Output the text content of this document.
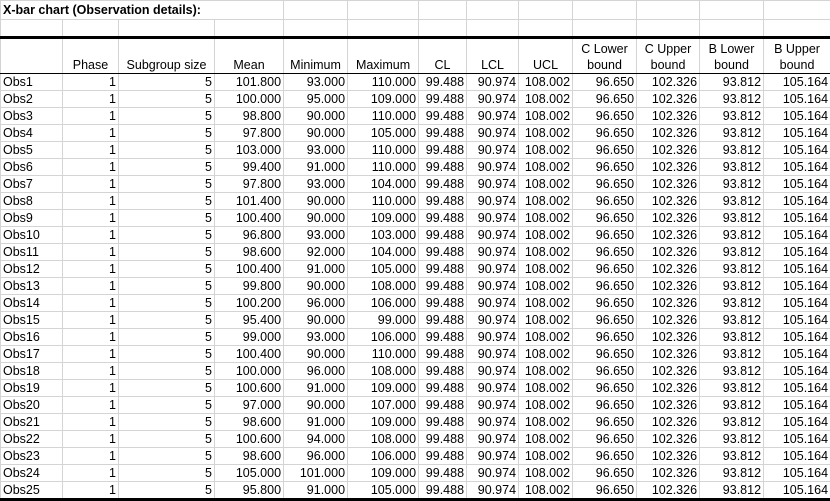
X-bar chart (Observation details):												

	Phase	Subgroup size	Mean	Minimum	Maximum	CL	LCL	UCL	C Lower bound	C Upper bound	B Lower bound	B Upper bound
Obs1	1	5	101.800	93.000	110.000	99.488	90.974	108.002	96.650	102.326	93.812	105.164
Obs2	1	5	100.000	95.000	109.000	99.488	90.974	108.002	96.650	102.326	93.812	105.164
Obs3	1	5	98.800	90.000	110.000	99.488	90.974	108.002	96.650	102.326	93.812	105.164
Obs4	1	5	97.800	90.000	105.000	99.488	90.974	108.002	96.650	102.326	93.812	105.164
Obs5	1	5	103.000	93.000	110.000	99.488	90.974	108.002	96.650	102.326	93.812	105.164
Obs6	1	5	99.400	91.000	110.000	99.488	90.974	108.002	96.650	102.326	93.812	105.164
Obs7	1	5	97.800	93.000	104.000	99.488	90.974	108.002	96.650	102.326	93.812	105.164
Obs8	1	5	101.400	90.000	110.000	99.488	90.974	108.002	96.650	102.326	93.812	105.164
Obs9	1	5	100.400	90.000	109.000	99.488	90.974	108.002	96.650	102.326	93.812	105.164
Obs10	1	5	96.800	93.000	103.000	99.488	90.974	108.002	96.650	102.326	93.812	105.164
Obs11	1	5	98.600	92.000	104.000	99.488	90.974	108.002	96.650	102.326	93.812	105.164
Obs12	1	5	100.400	91.000	105.000	99.488	90.974	108.002	96.650	102.326	93.812	105.164
Obs13	1	5	99.800	90.000	108.000	99.488	90.974	108.002	96.650	102.326	93.812	105.164
Obs14	1	5	100.200	96.000	106.000	99.488	90.974	108.002	96.650	102.326	93.812	105.164
Obs15	1	5	95.400	90.000	99.000	99.488	90.974	108.002	96.650	102.326	93.812	105.164
Obs16	1	5	99.000	93.000	106.000	99.488	90.974	108.002	96.650	102.326	93.812	105.164
Obs17	1	5	100.400	90.000	110.000	99.488	90.974	108.002	96.650	102.326	93.812	105.164
Obs18	1	5	100.000	96.000	108.000	99.488	90.974	108.002	96.650	102.326	93.812	105.164
Obs19	1	5	100.600	91.000	109.000	99.488	90.974	108.002	96.650	102.326	93.812	105.164
Obs20	1	5	97.000	90.000	107.000	99.488	90.974	108.002	96.650	102.326	93.812	105.164
Obs21	1	5	98.600	91.000	109.000	99.488	90.974	108.002	96.650	102.326	93.812	105.164
Obs22	1	5	100.600	94.000	108.000	99.488	90.974	108.002	96.650	102.326	93.812	105.164
Obs23	1	5	98.600	96.000	106.000	99.488	90.974	108.002	96.650	102.326	93.812	105.164
Obs24	1	5	105.000	101.000	109.000	99.488	90.974	108.002	96.650	102.326	93.812	105.164
Obs25	1	5	95.800	91.000	105.000	99.488	90.974	108.002	96.650	102.326	93.812	105.164
